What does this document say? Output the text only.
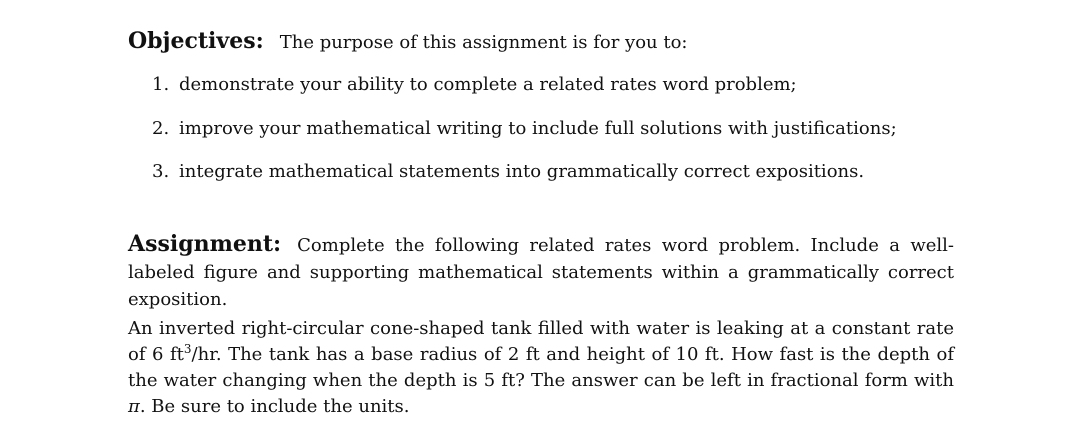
Objectives: The purpose of this assignment is for you to:
1. demonstrate your ability to complete a related rates word problem;
2. improve your mathematical writing to include full solutions with justifications;
3. integrate mathematical statements into grammatically correct expositions.
Assignment: Complete the following related rates word problem. Include a well-labeled figure and supporting mathematical statements within a grammatically correct exposition.
An inverted right-circular cone-shaped tank filled with water is leaking at a constant rate of 6 $ft^3/hr$. The tank has a base radius of 2 ft and height of 10 ft. How fast is the depth of the water changing when the depth is 5 ft? The answer can be left in fractional form with π. Be sure to include the units.
